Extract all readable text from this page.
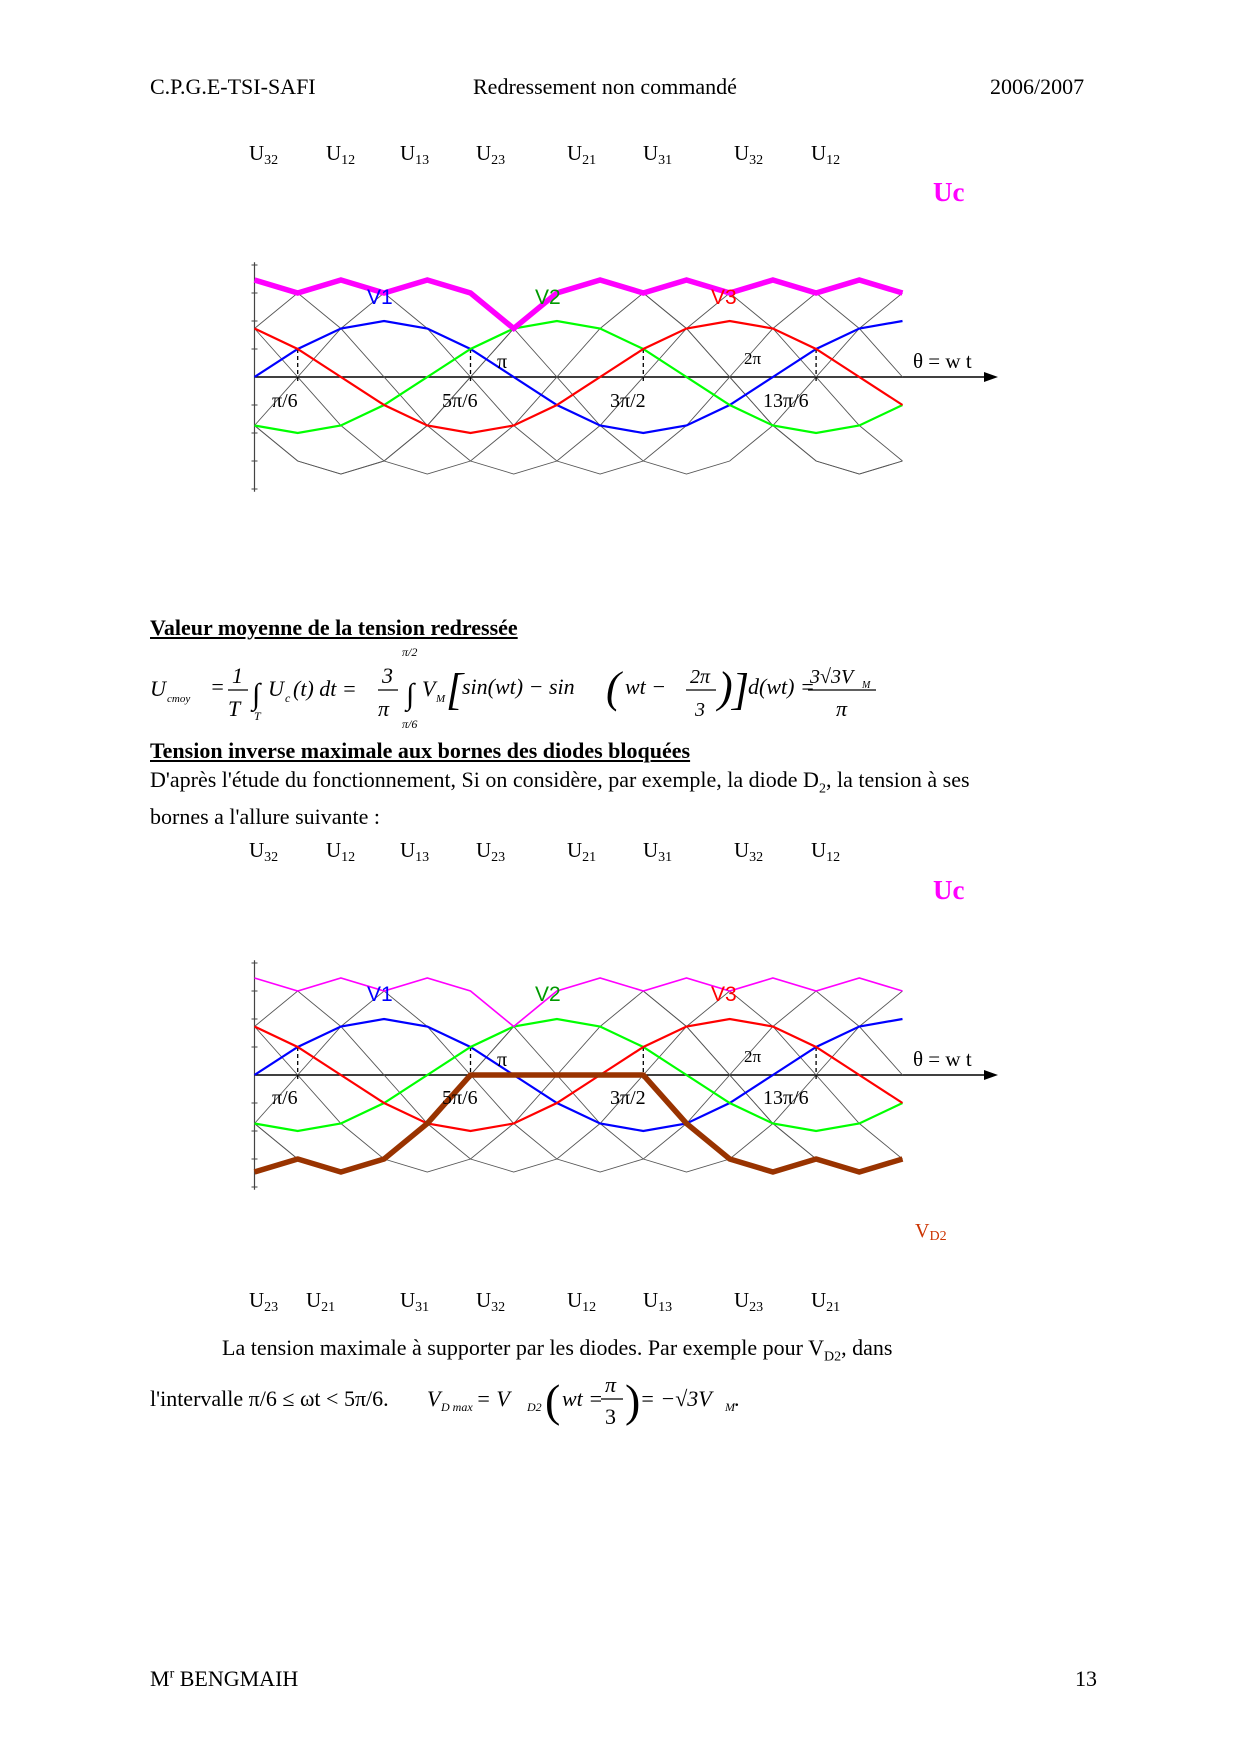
C.P.G.E-TSI-SAFI	Redressement non commandé	2006/2007
U32 U12 U13 U23	U21 U31	U32 U12
Uc
V1	V2	V3
π	2π	θ = w t
π/6	5π/6	3π/2	13π/6
Valeur moyenne de la tension redressée
U cmoy = 1
T ∫
T
U c (t) dt =
3
π
π/2
∫
π/6
V M [
sin(wt) − sin ( wt − 2π
3 ) ]
d(wt) =
3√3V M
π
Tension inverse maximale aux bornes des diodes bloquées
D'après l'étude du fonctionnement, Si on considère, par exemple, la diode $D_2$, la tension à ses
bornes a l'allure suivante :
U32 U12 U13 U23	U21 U31	U32 U12
U23 U21	U31 U32	U12 U13	U23 U21
Uc
V1	V2	V3
π	2π	θ = w t
π/6	5π/6	3π/2	13π/6
VD2
La tension maximale à supporter par les diodes. Par exemple pour $V_{D2}$, dans
l'intervalle π/6 ≤ ωt < 5π/6. V D max = V D2 ( wt =
π
3 ) = −√3V M .
$M^r$ BENGMAIH	13
